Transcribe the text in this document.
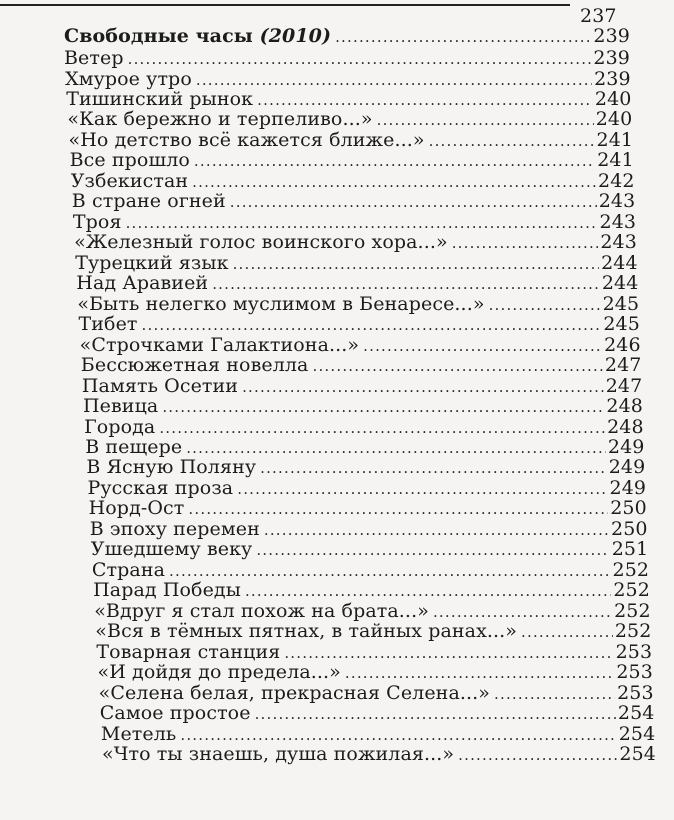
237
Свободные часы (2010) .....	239
Ветер .....	239
Хмурое утро .....	239
Тишинский рынок .....	240
«Как бережно и терпеливо...» .....	240
«Но детство всё кажется ближе...» .....	241
Все прошло .....	241
Узбекистан .....	242
В стране огней .....	243
Троя .....	243
«Железный голос воинского хора...» .....	243
Турецкий язык .....	244
Над Аравией .....	244
«Быть нелегко муслимом в Бенаресе...» .....	245
Тибет .....	245
«Строчками Галактиона...» .....	246
Бессюжетная новелла .....	247
Память Осетии .....	247
Певица .....	248
Города .....	248
В пещере .....	249
В Ясную Поляну .....	249
Русская проза .....	249
Норд-Ост .....	250
В эпоху перемен .....	250
Ушедшему веку .....	251
Страна .....	252
Парад Победы .....	252
«Вдруг я стал похож на брата...» .....	252
«Вся в тёмных пятнах, в тайных ранах...» .....	252
Товарная станция .....	253
«И дойдя до предела...» .....	253
«Селена белая, прекрасная Селена...» .....	253
Самое простое .....	254
Метель .....	254
«Что ты знаешь, душа пожилая...» .....	254
